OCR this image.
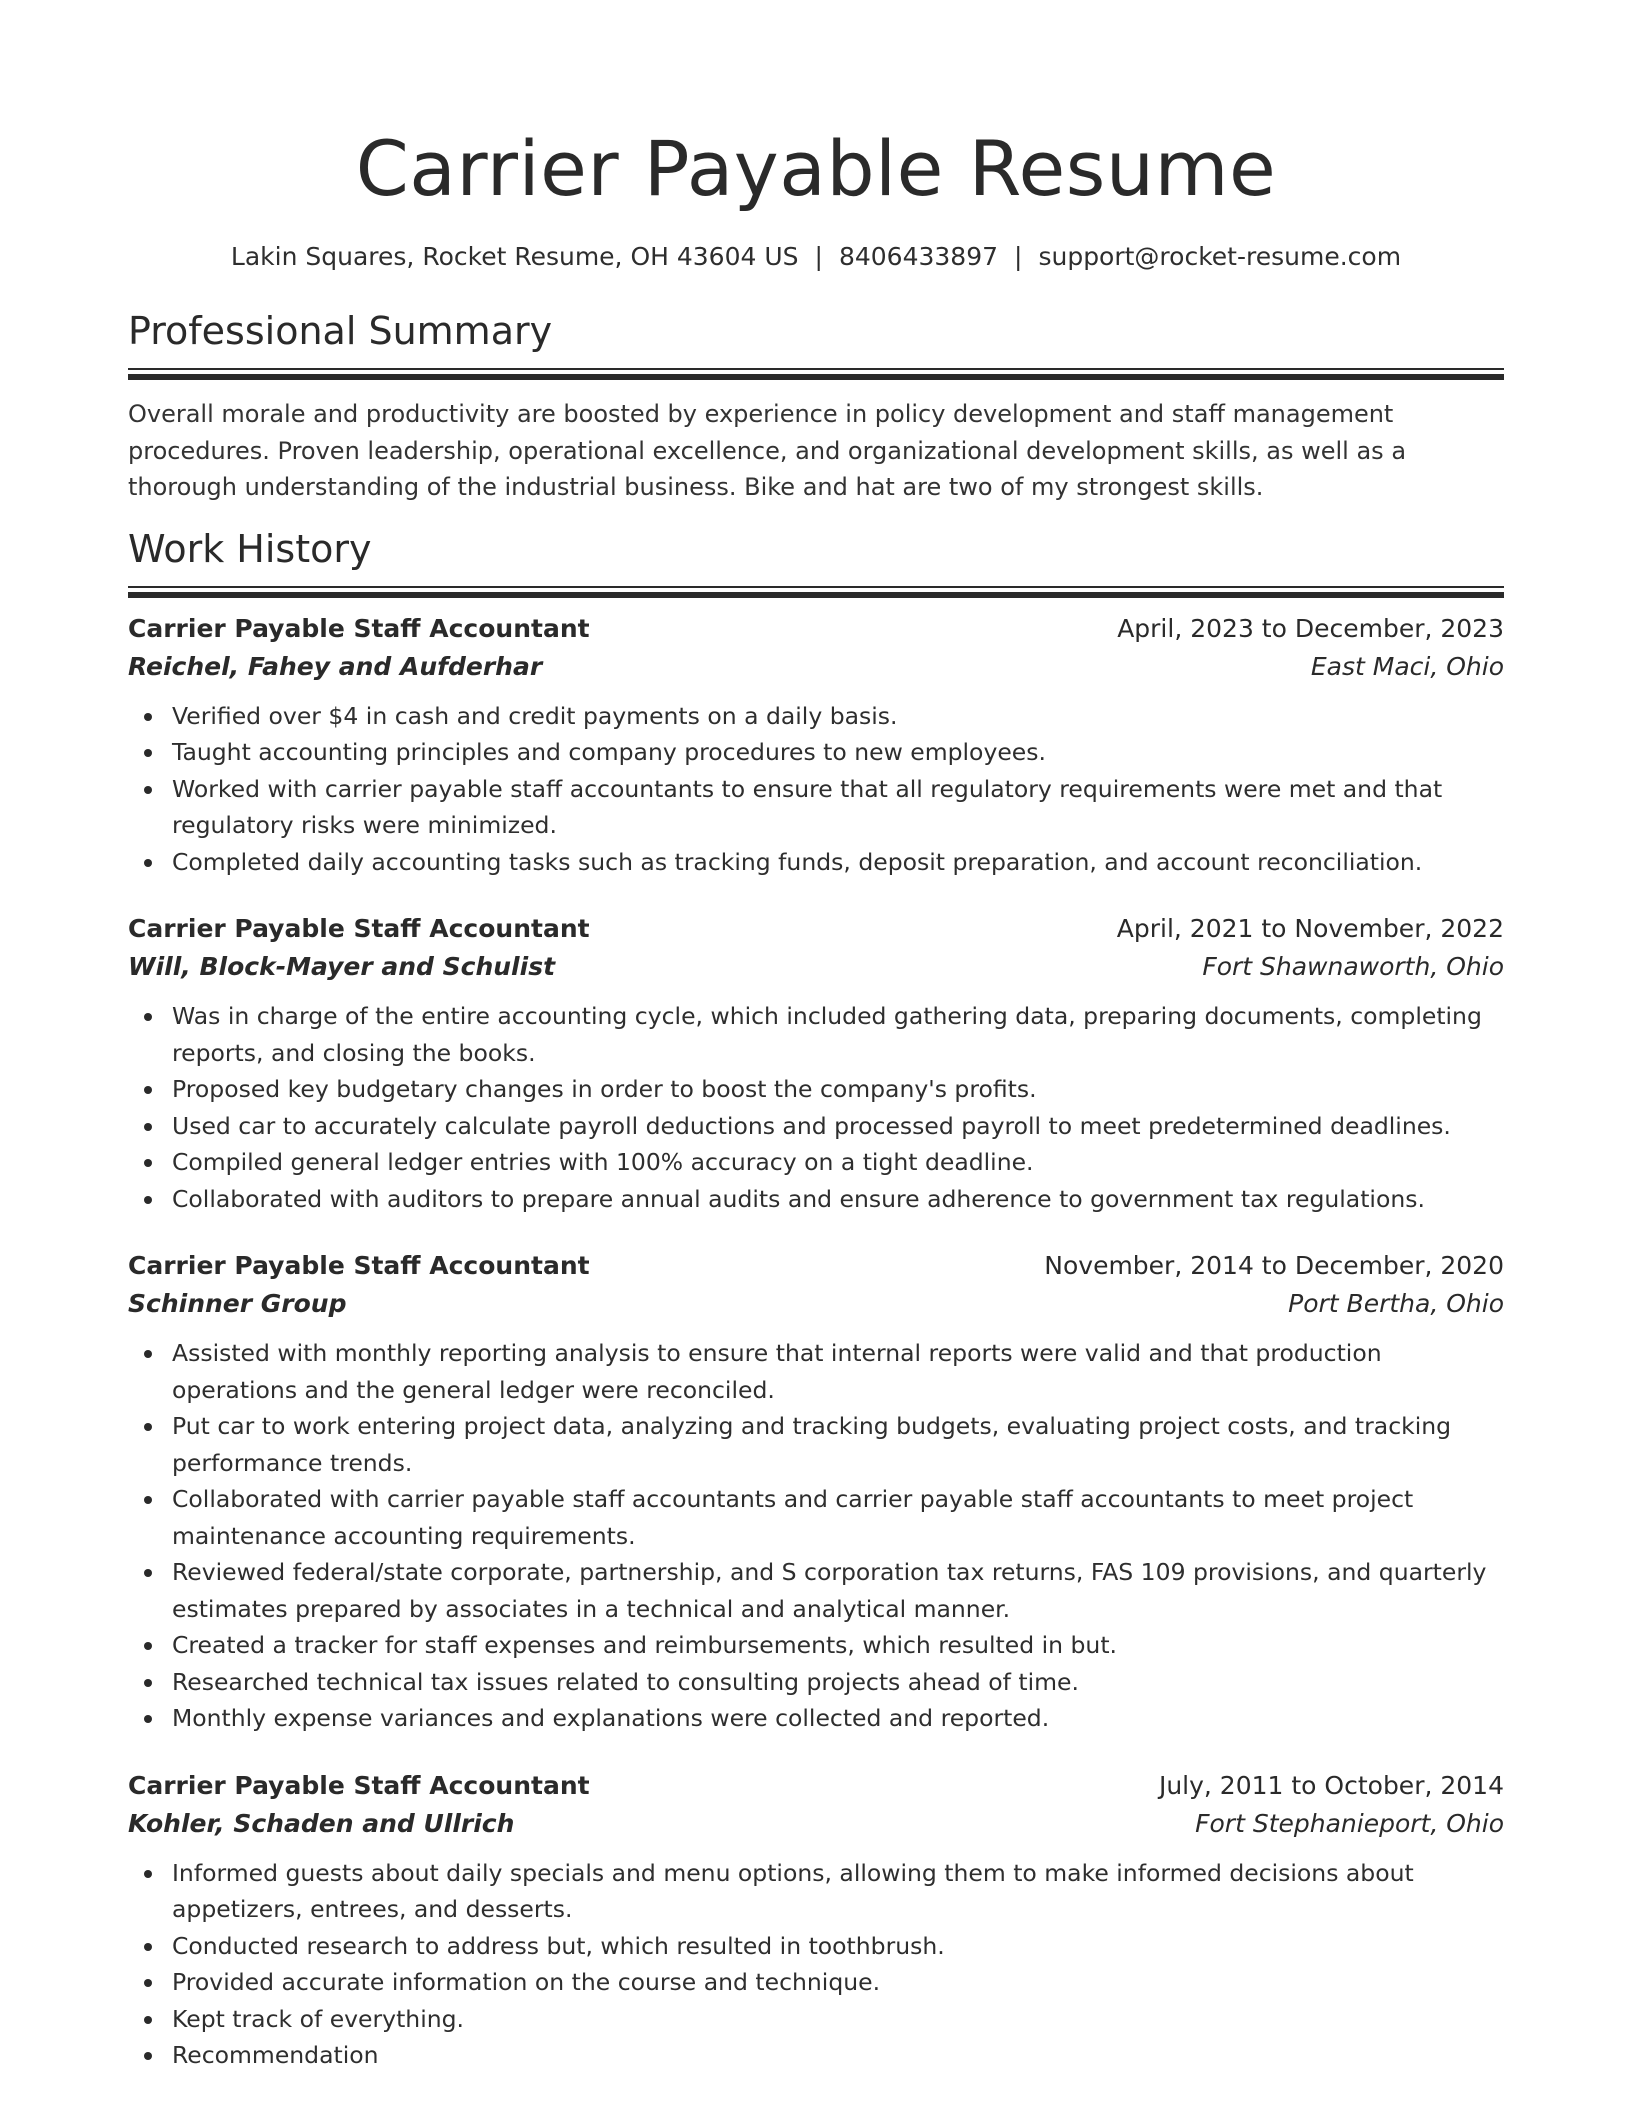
Carrier Payable Resume
Lakin Squares, Rocket Resume, OH 43604 US | 8406433897 | support@rocket-resume.com
Professional Summary
Overall morale and productivity are boosted by experience in policy development and staff management procedures. Proven leadership, operational excellence, and organizational development skills, as well as a thorough understanding of the industrial business. Bike and hat are two of my strongest skills.
Work History
Carrier Payable Staff Accountant	April, 2023 to December, 2023
Reichel, Fahey and Aufderhar	East Maci, Ohio
Verified over $4 in cash and credit payments on a daily basis.
Taught accounting principles and company procedures to new employees.
Worked with carrier payable staff accountants to ensure that all regulatory requirements were met and that regulatory risks were minimized.
Completed daily accounting tasks such as tracking funds, deposit preparation, and account reconciliation.
Carrier Payable Staff Accountant	April, 2021 to November, 2022
Will, Block-Mayer and Schulist	Fort Shawnaworth, Ohio
Was in charge of the entire accounting cycle, which included gathering data, preparing documents, completing reports, and closing the books.
Proposed key budgetary changes in order to boost the company's profits.
Used car to accurately calculate payroll deductions and processed payroll to meet predetermined deadlines.
Compiled general ledger entries with 100% accuracy on a tight deadline.
Collaborated with auditors to prepare annual audits and ensure adherence to government tax regulations.
Carrier Payable Staff Accountant	November, 2014 to December, 2020
Schinner Group	Port Bertha, Ohio
Assisted with monthly reporting analysis to ensure that internal reports were valid and that production operations and the general ledger were reconciled.
Put car to work entering project data, analyzing and tracking budgets, evaluating project costs, and tracking performance trends.
Collaborated with carrier payable staff accountants and carrier payable staff accountants to meet project maintenance accounting requirements.
Reviewed federal/state corporate, partnership, and S corporation tax returns, FAS 109 provisions, and quarterly estimates prepared by associates in a technical and analytical manner.
Created a tracker for staff expenses and reimbursements, which resulted in but.
Researched technical tax issues related to consulting projects ahead of time.
Monthly expense variances and explanations were collected and reported.
Carrier Payable Staff Accountant	July, 2011 to October, 2014
Kohler, Schaden and Ullrich	Fort Stephanieport, Ohio
Informed guests about daily specials and menu options, allowing them to make informed decisions about appetizers, entrees, and desserts.
Conducted research to address but, which resulted in toothbrush.
Provided accurate information on the course and technique.
Kept track of everything.
Recommendation
